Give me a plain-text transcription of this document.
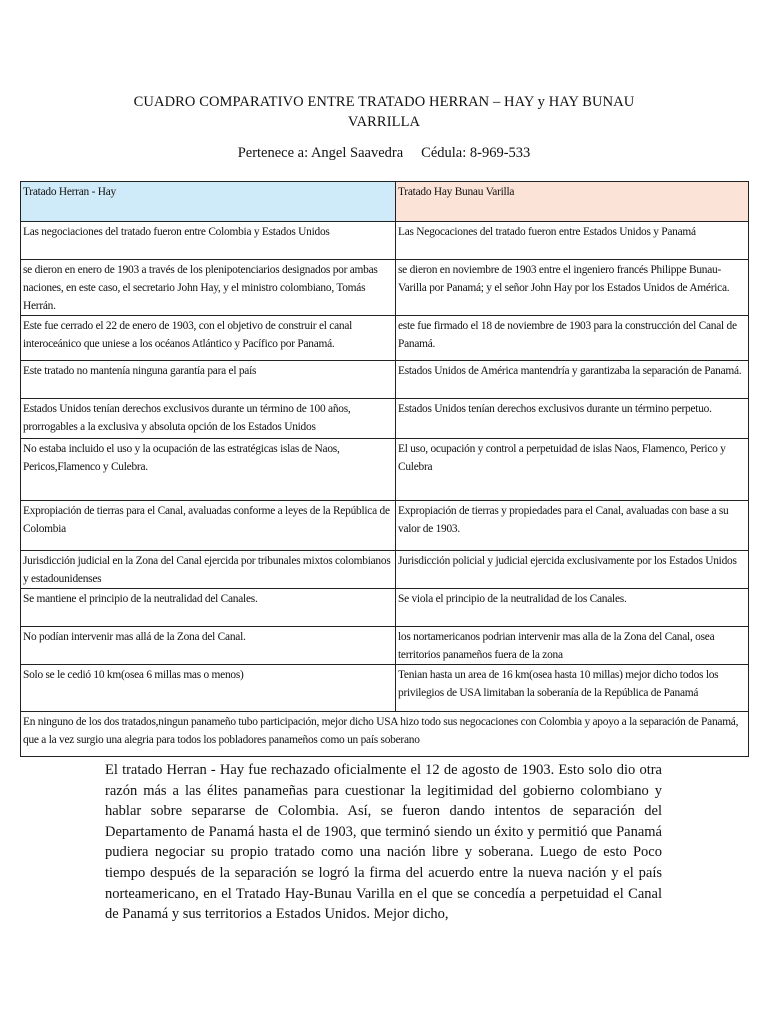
CUADRO COMPARATIVO ENTRE TRATADO HERRAN – HAY y HAY BUNAU VARRILLA
Pertenece a: Angel Saavedra Cédula: 8-969-533
Tratado Herran - Hay	Tratado Hay Bunau Varilla
Las negociaciones del tratado fueron entre Colombia y Estados Unidos	Las Negocaciones del tratado fueron entre Estados Unidos y Panamá
se dieron en enero de 1903 a través de los plenipotenciarios designados por ambas naciones, en este caso, el secretario John Hay, y el ministro colombiano, Tomás Herrán.	se dieron en noviembre de 1903 entre el ingeniero francés Philippe Bunau-Varilla por Panamá; y el señor John Hay por los Estados Unidos de América.
Este fue cerrado el 22 de enero de 1903, con el objetivo de construir el canal interoceánico que uniese a los océanos Atlántico y Pacífico por Panamá.	este fue firmado el 18 de noviembre de 1903 para la construcción del Canal de Panamá.
Este tratado no mantenía ninguna garantía para el país	Estados Unidos de América mantendría y garantizaba la separación de Panamá.
Estados Unidos tenían derechos exclusivos durante un término de 100 años, prorrogables a la exclusiva y absoluta opción de los Estados Unidos	Estados Unidos tenían derechos exclusivos durante un término perpetuo.
No estaba incluido el uso y la ocupación de las estratégicas islas de Naos, Pericos,Flamenco y Culebra.	El uso, ocupación y control a perpetuidad de islas Naos, Flamenco, Perico y Culebra
Expropiación de tierras para el Canal, avaluadas conforme a leyes de la República de Colombia	Expropiación de tierras y propiedades para el Canal, avaluadas con base a su valor de 1903.
Jurisdicción judicial en la Zona del Canal ejercida por tribunales mixtos colombianos y estadounidenses	Jurisdicción policial y judicial ejercida exclusivamente por los Estados Unidos
Se mantiene el principio de la neutralidad del Canales.	Se viola el principio de la neutralidad de los Canales.
No podían intervenir mas allá de la Zona del Canal.	los nortamericanos podrian intervenir mas alla de la Zona del Canal, osea territorios panameños fuera de la zona
Solo se le cedió 10 km(osea 6 millas mas o menos)	Tenian hasta un area de 16 km(osea hasta 10 millas) mejor dicho todos los privilegios de USA limitaban la soberanía de la República de Panamá
En ninguno de los dos tratados,ningun panameño tubo participación, mejor dicho USA hizo todo sus negocaciones con Colombia y apoyo a la separación de Panamá, que a la vez surgio una alegria para todos los pobladores panameños como un país soberano	
El tratado Herran - Hay fue rechazado oficialmente el 12 de agosto de 1903. Esto solo dio otra razón más a las élites panameñas para cuestionar la legitimidad del gobierno colombiano y hablar sobre separarse de Colombia. Así, se fueron dando intentos de separación del Departamento de Panamá hasta el de 1903, que terminó siendo un éxito y permitió que Panamá pudiera negociar su propio tratado como una nación libre y soberana. Luego de esto Poco tiempo después de la separación se logró la firma del acuerdo entre la nueva nación y el país norteamericano, en el Tratado Hay-Bunau Varilla en el que se concedía a perpetuidad el Canal de Panamá y sus territorios a Estados Unidos. Mejor dicho,
